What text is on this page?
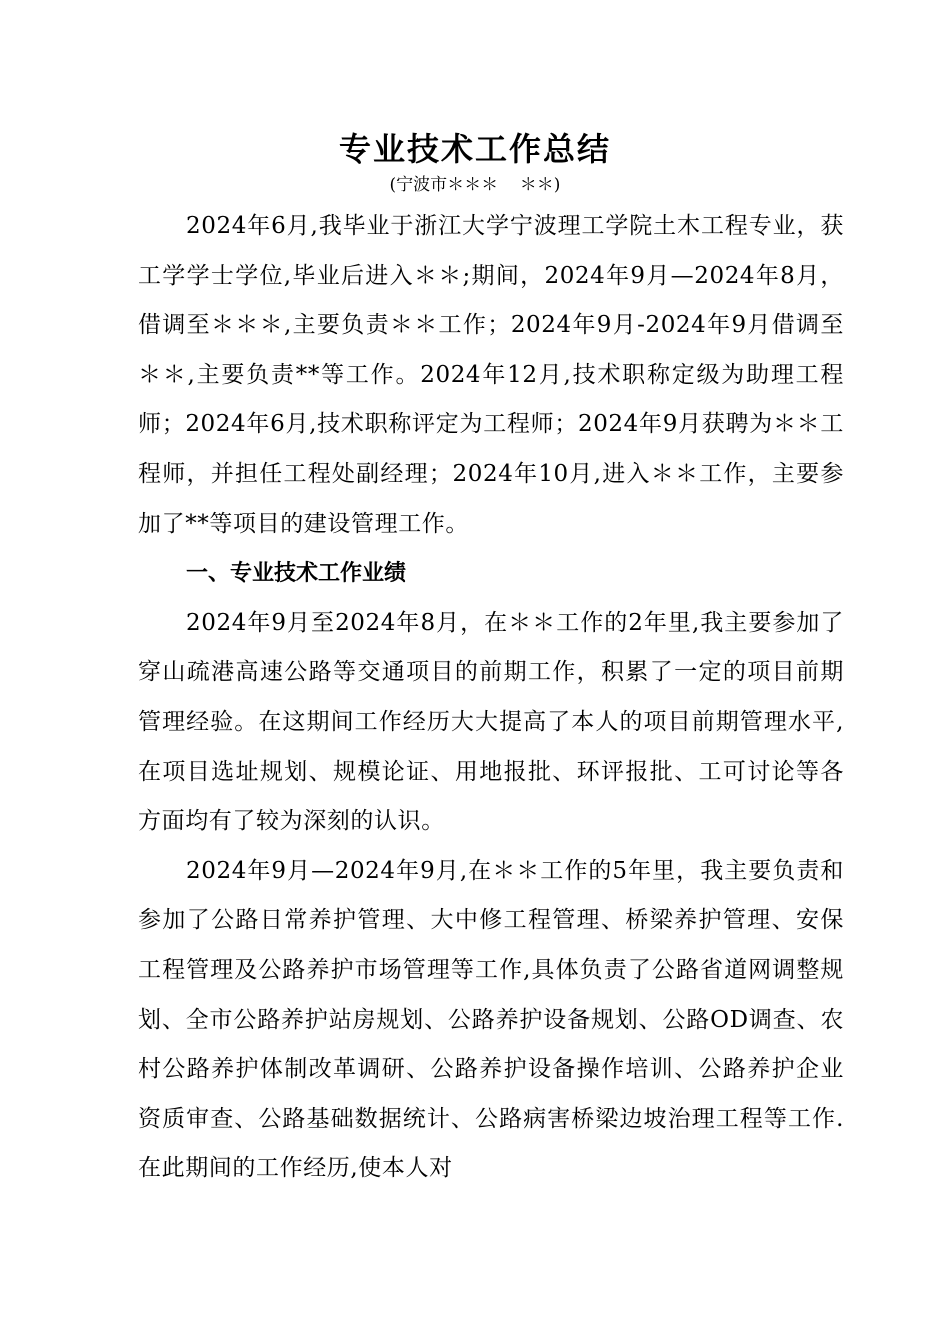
专业技术工作总结

(宁波市＊＊＊    ＊＊)

2024年6月,我毕业于浙江大学宁波理工学院土木工程专业，获工学学士学位,毕业后进入＊＊;期间，2024年9月—2024年8月，借调至＊＊＊,主要负责＊＊工作；2024年9月-2024年9月借调至＊＊,主要负责**等工作。2024年12月,技术职称定级为助理工程师；2024年6月,技术职称评定为工程师；2024年9月获聘为＊＊工程师，并担任工程处副经理；2024年10月,进入＊＊工作，主要参加了**等项目的建设管理工作。

一、专业技术工作业绩

2024年9月至2024年8月，在＊＊工作的2年里,我主要参加了穿山疏港高速公路等交通项目的前期工作，积累了一定的项目前期管理经验。在这期间工作经历大大提高了本人的项目前期管理水平,在项目选址规划、规模论证、用地报批、环评报批、工可讨论等各方面均有了较为深刻的认识。

2024年9月—2024年9月,在＊＊工作的5年里，我主要负责和参加了公路日常养护管理、大中修工程管理、桥梁养护管理、安保工程管理及公路养护市场管理等工作,具体负责了公路省道网调整规划、全市公路养护站房规划、公路养护设备规划、公路OD调查、农村公路养护体制改革调研、公路养护设备操作培训、公路养护企业资质审查、公路基础数据统计、公路病害桥梁边坡治理工程等工作.在此期间的工作经历,使本人对
